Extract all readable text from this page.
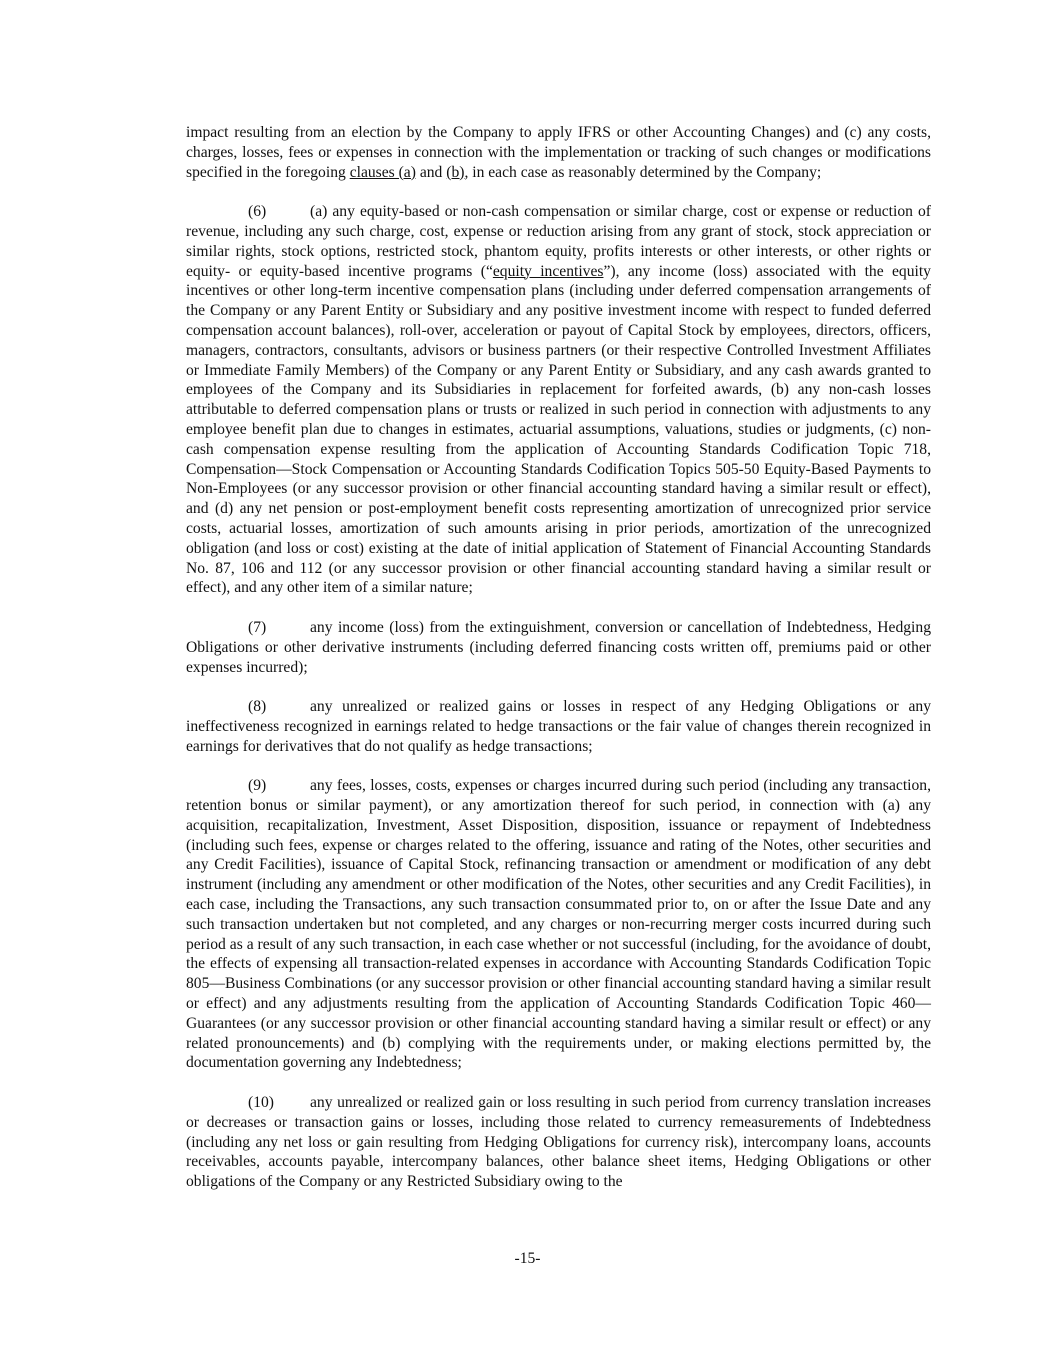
impact resulting from an election by the Company to apply IFRS or other Accounting Changes) and (c) any costs, charges, losses, fees or expenses in connection with the implementation or tracking of such changes or modifications specified in the foregoing clauses (a) and (b), in each case as reasonably determined by the Company;

(6)	(a) any equity-based or non-cash compensation or similar charge, cost or expense or reduction of revenue, including any such charge, cost, expense or reduction arising from any grant of stock, stock appreciation or similar rights, stock options, restricted stock, phantom equity, profits interests or other interests, or other rights or equity- or equity-based incentive programs (“equity incentives”), any income (loss) associated with the equity incentives or other long-term incentive compensation plans (including under deferred compensation arrangements of the Company or any Parent Entity or Subsidiary and any positive investment income with respect to funded deferred compensation account balances), roll-over, acceleration or payout of Capital Stock by employees, directors, officers, managers, contractors, consultants, advisors or business partners (or their respective Controlled Investment Affiliates or Immediate Family Members) of the Company or any Parent Entity or Subsidiary, and any cash awards granted to employees of the Company and its Subsidiaries in replacement for forfeited awards, (b) any non-cash losses attributable to deferred compensation plans or trusts or realized in such period in connection with adjustments to any employee benefit plan due to changes in estimates, actuarial assumptions, valuations, studies or judgments, (c) non-cash compensation expense resulting from the application of Accounting Standards Codification Topic 718, Compensation—Stock Compensation or Accounting Standards Codification Topics 505-50 Equity-Based Payments to Non-Employees (or any successor provision or other financial accounting standard having a similar result or effect), and (d) any net pension or post-employment benefit costs representing amortization of unrecognized prior service costs, actuarial losses, amortization of such amounts arising in prior periods, amortization of the unrecognized obligation (and loss or cost) existing at the date of initial application of Statement of Financial Accounting Standards No. 87, 106 and 112 (or any successor provision or other financial accounting standard having a similar result or effect), and any other item of a similar nature;

(7)	any income (loss) from the extinguishment, conversion or cancellation of Indebtedness, Hedging Obligations or other derivative instruments (including deferred financing costs written off, premiums paid or other expenses incurred);

(8)	any unrealized or realized gains or losses in respect of any Hedging Obligations or any ineffectiveness recognized in earnings related to hedge transactions or the fair value of changes therein recognized in earnings for derivatives that do not qualify as hedge transactions;

(9)	any fees, losses, costs, expenses or charges incurred during such period (including any transaction, retention bonus or similar payment), or any amortization thereof for such period, in connection with (a) any acquisition, recapitalization, Investment, Asset Disposition, disposition, issuance or repayment of Indebtedness (including such fees, expense or charges related to the offering, issuance and rating of the Notes, other securities and any Credit Facilities), issuance of Capital Stock, refinancing transaction or amendment or modification of any debt instrument (including any amendment or other modification of the Notes, other securities and any Credit Facilities), in each case, including the Transactions, any such transaction consummated prior to, on or after the Issue Date and any such transaction undertaken but not completed, and any charges or non-recurring merger costs incurred during such period as a result of any such transaction, in each case whether or not successful (including, for the avoidance of doubt, the effects of expensing all transaction-related expenses in accordance with Accounting Standards Codification Topic 805—Business Combinations (or any successor provision or other financial accounting standard having a similar result or effect) and any adjustments resulting from the application of Accounting Standards Codification Topic 460—Guarantees (or any successor provision or other financial accounting standard having a similar result or effect) or any related pronouncements) and (b) complying with the requirements under, or making elections permitted by, the documentation governing any Indebtedness;

(10) any unrealized or realized gain or loss resulting in such period from currency translation increases or decreases or transaction gains or losses, including those related to currency remeasurements of Indebtedness (including any net loss or gain resulting from Hedging Obligations for currency risk), intercompany loans, accounts receivables, accounts payable, intercompany balances, other balance sheet items, Hedging Obligations or other obligations of the Company or any Restricted Subsidiary owing to the

-15-
